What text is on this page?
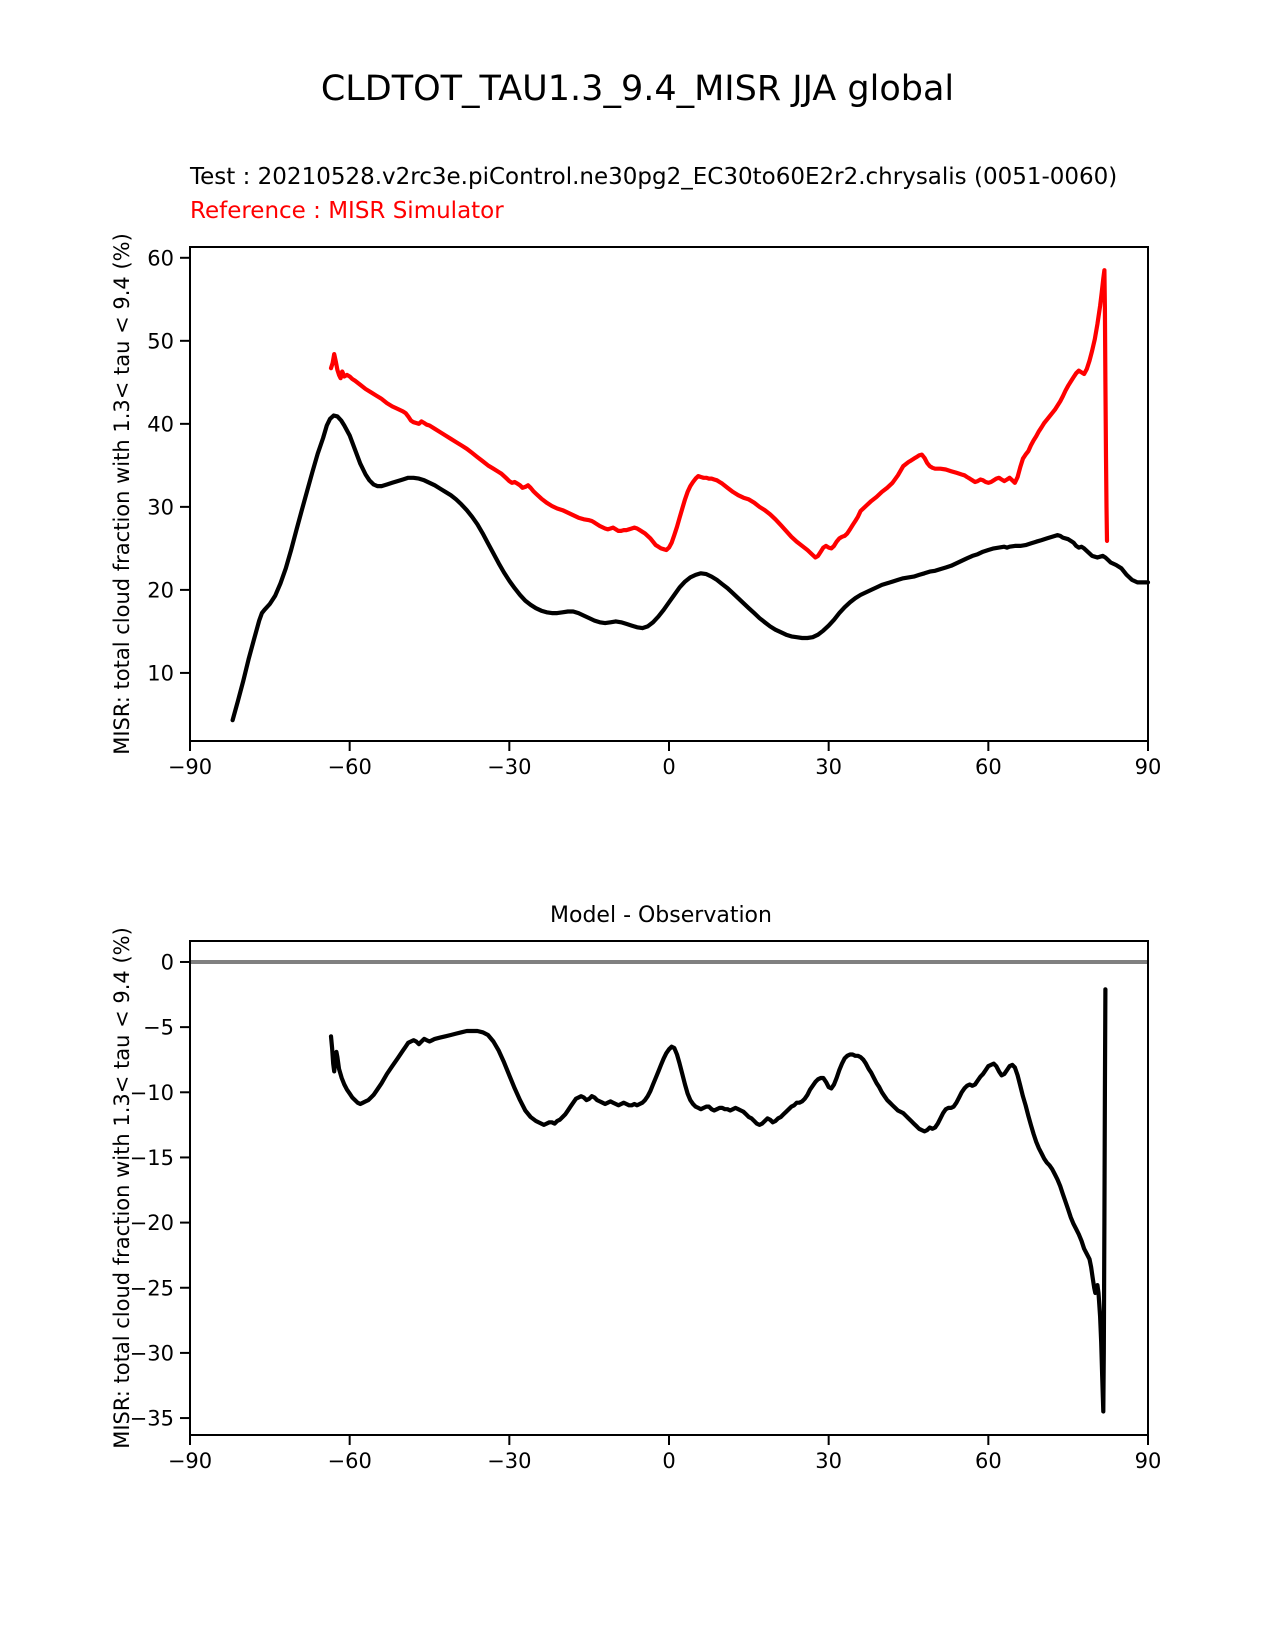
CLDTOT_TAU1.3_9.4_MISR JJA global
Test : 20210528.v2rc3e.piControl.ne30pg2_EC30to60E2r2.chrysalis (0051-0060)
Reference : MISR Simulator
Model - Observation
MISR: total cloud fraction with 1.3< tau < 9.4 (%)
MISR: total cloud fraction with 1.3< tau < 9.4 (%)
−90	−60	−30	0	30	60	90
10
20
30
40
50
60
−90	−60	−30	0	30	60	90
0
−5
−10
−15
−20
−25
−30
−35
